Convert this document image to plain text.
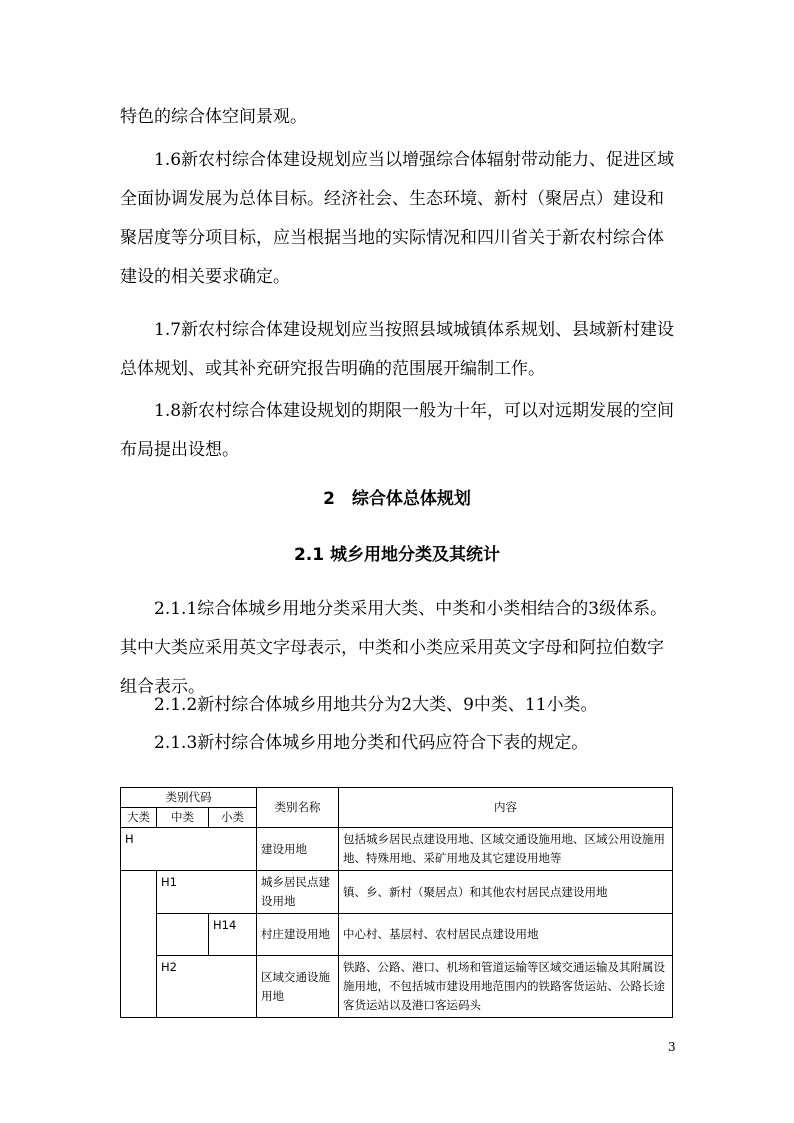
特色的综合体空间景观。

1.6新农村综合体建设规划应当以增强综合体辐射带动能力、促进区域全面协调发展为总体目标。经济社会、生态环境、新村（聚居点）建设和聚居度等分项目标，应当根据当地的实际情况和四川省关于新农村综合体建设的相关要求确定。

1.7新农村综合体建设规划应当按照县域城镇体系规划、县域新村建设总体规划、或其补充研究报告明确的范围展开编制工作。

1.8新农村综合体建设规划的期限一般为十年，可以对远期发展的空间布局提出设想。

2　综合体总体规划
2.1 城乡用地分类及其统计

2.1.1综合体城乡用地分类采用大类、中类和小类相结合的3级体系。其中大类应采用英文字母表示，中类和小类应采用英文字母和阿拉伯数字组合表示。

2.1.2新村综合体城乡用地共分为2大类、9中类、11小类。

2.1.3新村综合体城乡用地分类和代码应符合下表的规定。

类别代码			类别名称	内容
大类	中类	小类		
H			建设用地	包括城乡居民点建设用地、区域交通设施用地、区域公用设施用地、特殊用地、采矿用地及其它建设用地等
	H1		城乡居民点建设用地	镇、乡、新村（聚居点）和其他农村居民点建设用地
		H14	村庄建设用地	中心村、基层村、农村居民点建设用地
	H2		区域交通设施用地	铁路、公路、港口、机场和管道运输等区域交通运输及其附属设施用地，不包括城市建设用地范围内的铁路客货运站、公路长途客货运站以及港口客运码头
3
